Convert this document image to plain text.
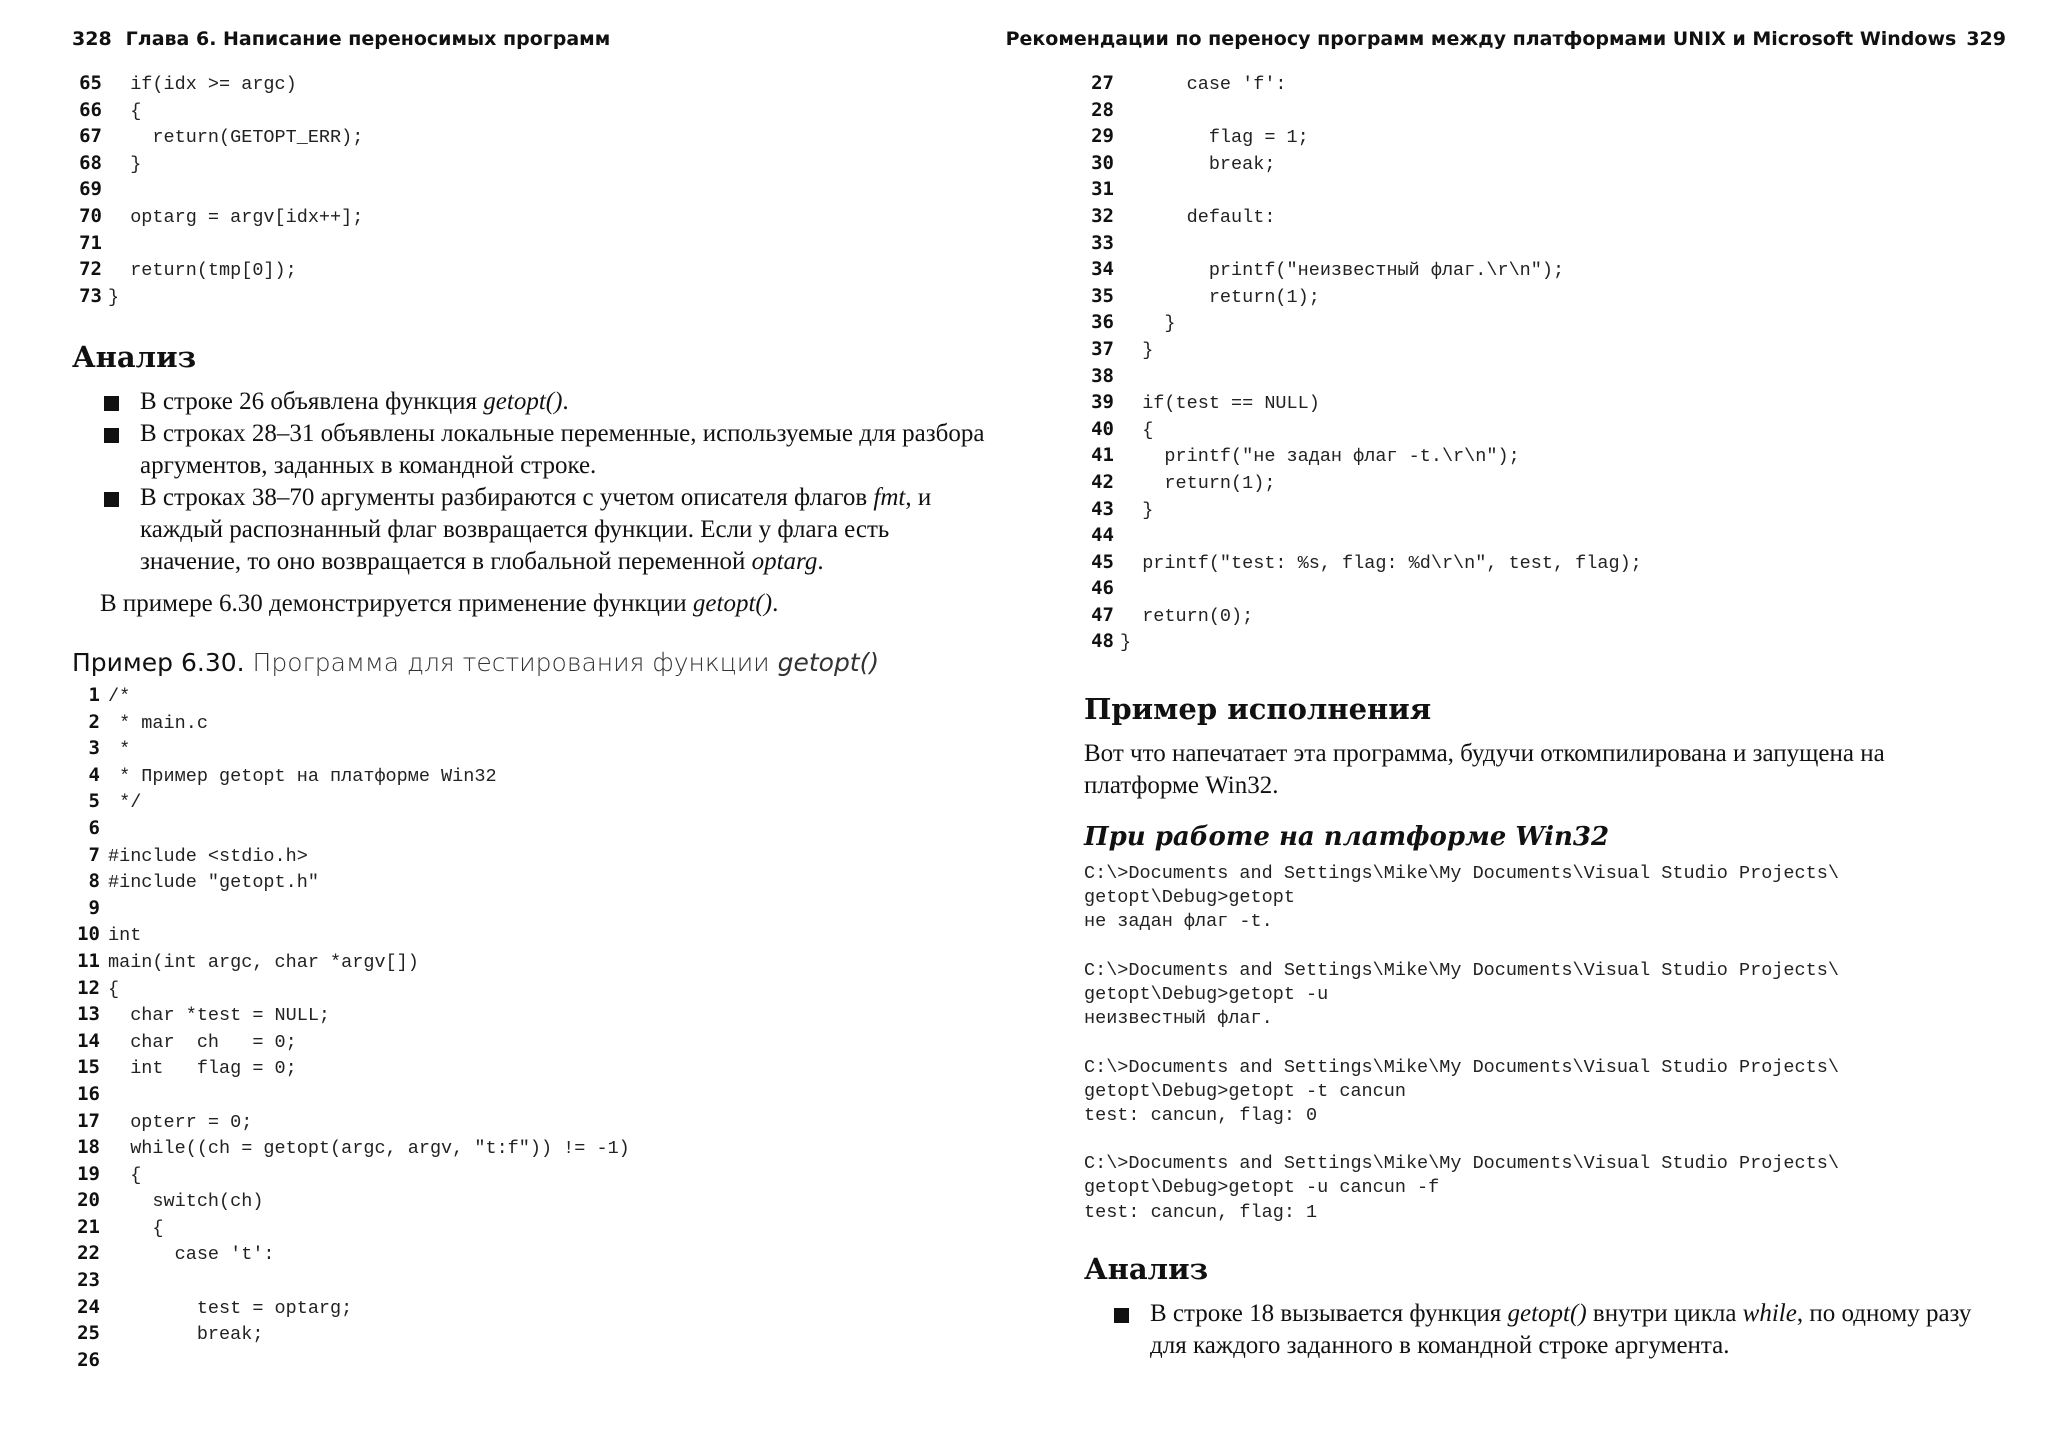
328 Глава 6. Написание переносимых программ
65  if(idx >= argc)
66  {
67    return(GETOPT_ERR);
68  }
69
70  optarg = argv[idx++];
71
72  return(tmp[0]);
73 }
Анализ
В строке 26 объявлена функция getopt().
В строках 28–31 объявлены локальные переменные, используемые для разбора аргументов, заданных в командной строке.
В строках 38–70 аргументы разбираются с учетом описателя флагов fmt, и каждый распознанный флаг возвращается функции. Если у флага есть значение, то оно возвращается в глобальной переменной optarg.

В примере 6.30 демонстрируется применение функции getopt().

Пример 6.30. Программа для тестирования функции getopt()

1 /*
2 * main.c
3 *
4 * Пример getopt на платформе Win32
5 */
6
7 #include <stdio.h>
8 #include "getopt.h"
9
10 int
11 main(int argc, char *argv[])
12 {
13  char *test = NULL;
14  char  ch   = 0;
15  int   flag = 0;
16
17  opterr = 0;
18  while((ch = getopt(argc, argv, "t:f")) != -1)
19  {
20    switch(ch)
21    {
22      case 't':
23
24        test = optarg;
25        break;
26
Рекомендации по переносу программ между платформами UNIX и Microsoft Windows 329
27      case 'f':
28
29        flag = 1;
30        break;
31
32      default:
33
34        printf("неизвестный флаг.\r\n");
35        return(1);
36    }
37  }
38
39  if(test == NULL)
40  {
41    printf("не задан флаг -t.\r\n");
42    return(1);
43  }
44
45  printf("test: %s, flag: %d\r\n", test, flag);
46
47  return(0);
48 }
Пример исполнения

Вот что напечатает эта программа, будучи откомпилирована и запущена на платформе Win32.

При работе на платформе Win32

C:\>Documents and Settings\Mike\My Documents\Visual Studio Projects\
getopt\Debug>getopt
не задан флаг -t.
C:\>Documents and Settings\Mike\My Documents\Visual Studio Projects\
getopt\Debug>getopt -u
неизвестный флаг.
C:\>Documents and Settings\Mike\My Documents\Visual Studio Projects\
getopt\Debug>getopt -t cancun
test: cancun, flag: 0
C:\>Documents and Settings\Mike\My Documents\Visual Studio Projects\
getopt\Debug>getopt -u cancun -f
test: cancun, flag: 1
Анализ
В строке 18 вызывается функция getopt() внутри цикла while, по одному разу для каждого заданного в командной строке аргумента.
